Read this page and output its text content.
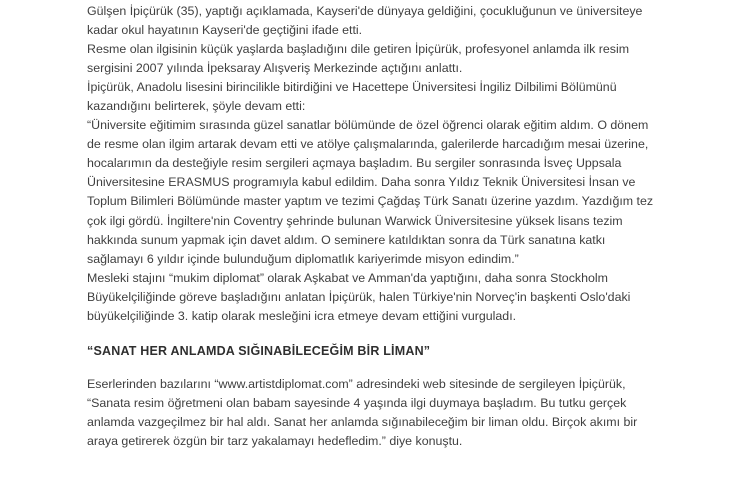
Gülşen İpiçürük (35), yaptığı açıklamada, Kayseri'de dünyaya geldiğini, çocukluğunun ve üniversiteye
kadar okul hayatının Kayseri'de geçtiğini ifade etti.
Resme olan ilgisinin küçük yaşlarda başladığını dile getiren İpiçürük, profesyonel anlamda ilk resim
sergisini 2007 yılında İpeksaray Alışveriş Merkezinde açtığını anlattı.
İpiçürük, Anadolu lisesini birincilikle bitirdiğini ve Hacettepe Üniversitesi İngiliz Dilbilimi Bölümünü
kazandığını belirterek, şöyle devam etti:
“Üniversite eğitimim sırasında güzel sanatlar bölümünde de özel öğrenci olarak eğitim aldım. O dönem
de resme olan ilgim artarak devam etti ve atölye çalışmalarında, galerilerde harcadığım mesai üzerine,
hocalarımın da desteğiyle resim sergileri açmaya başladım. Bu sergiler sonrasında İsveç Uppsala
Üniversitesine ERASMUS programıyla kabul edildim. Daha sonra Yıldız Teknik Üniversitesi İnsan ve
Toplum Bilimleri Bölümünde master yaptım ve tezimi Çağdaş Türk Sanatı üzerine yazdım. Yazdığım tez
çok ilgi gördü. İngiltere'nin Coventry şehrinde bulunan Warwick Üniversitesine yüksek lisans tezim
hakkında sunum yapmak için davet aldım. O seminere katıldıktan sonra da Türk sanatına katkı
sağlamayı 6 yıldır içinde bulunduğum diplomatlık kariyerimde misyon edindim.”
Mesleki stajını “mukim diplomat” olarak Aşkabat ve Amman'da yaptığını, daha sonra Stockholm
Büyükelçiliğinde göreve başladığını anlatan İpiçürük, halen Türkiye'nin Norveç'in başkenti Oslo'daki
büyükelçiliğinde 3. katip olarak mesleğini icra etmeye devam ettiğini vurguladı.
“SANAT HER ANLAMDA SIĞINABİLECEĞİM BİR LİMAN”
Eserlerinden bazılarını “www.artistdiplomat.com” adresindeki web sitesinde de sergileyen İpiçürük,
“Sanata resim öğretmeni olan babam sayesinde 4 yaşında ilgi duymaya başladım. Bu tutku gerçek
anlamda vazgeçilmez bir hal aldı. Sanat her anlamda sığınabileceğim bir liman oldu. Birçok akımı bir
araya getirerek özgün bir tarz yakalamayı hedefledim.” diye konuştu.
